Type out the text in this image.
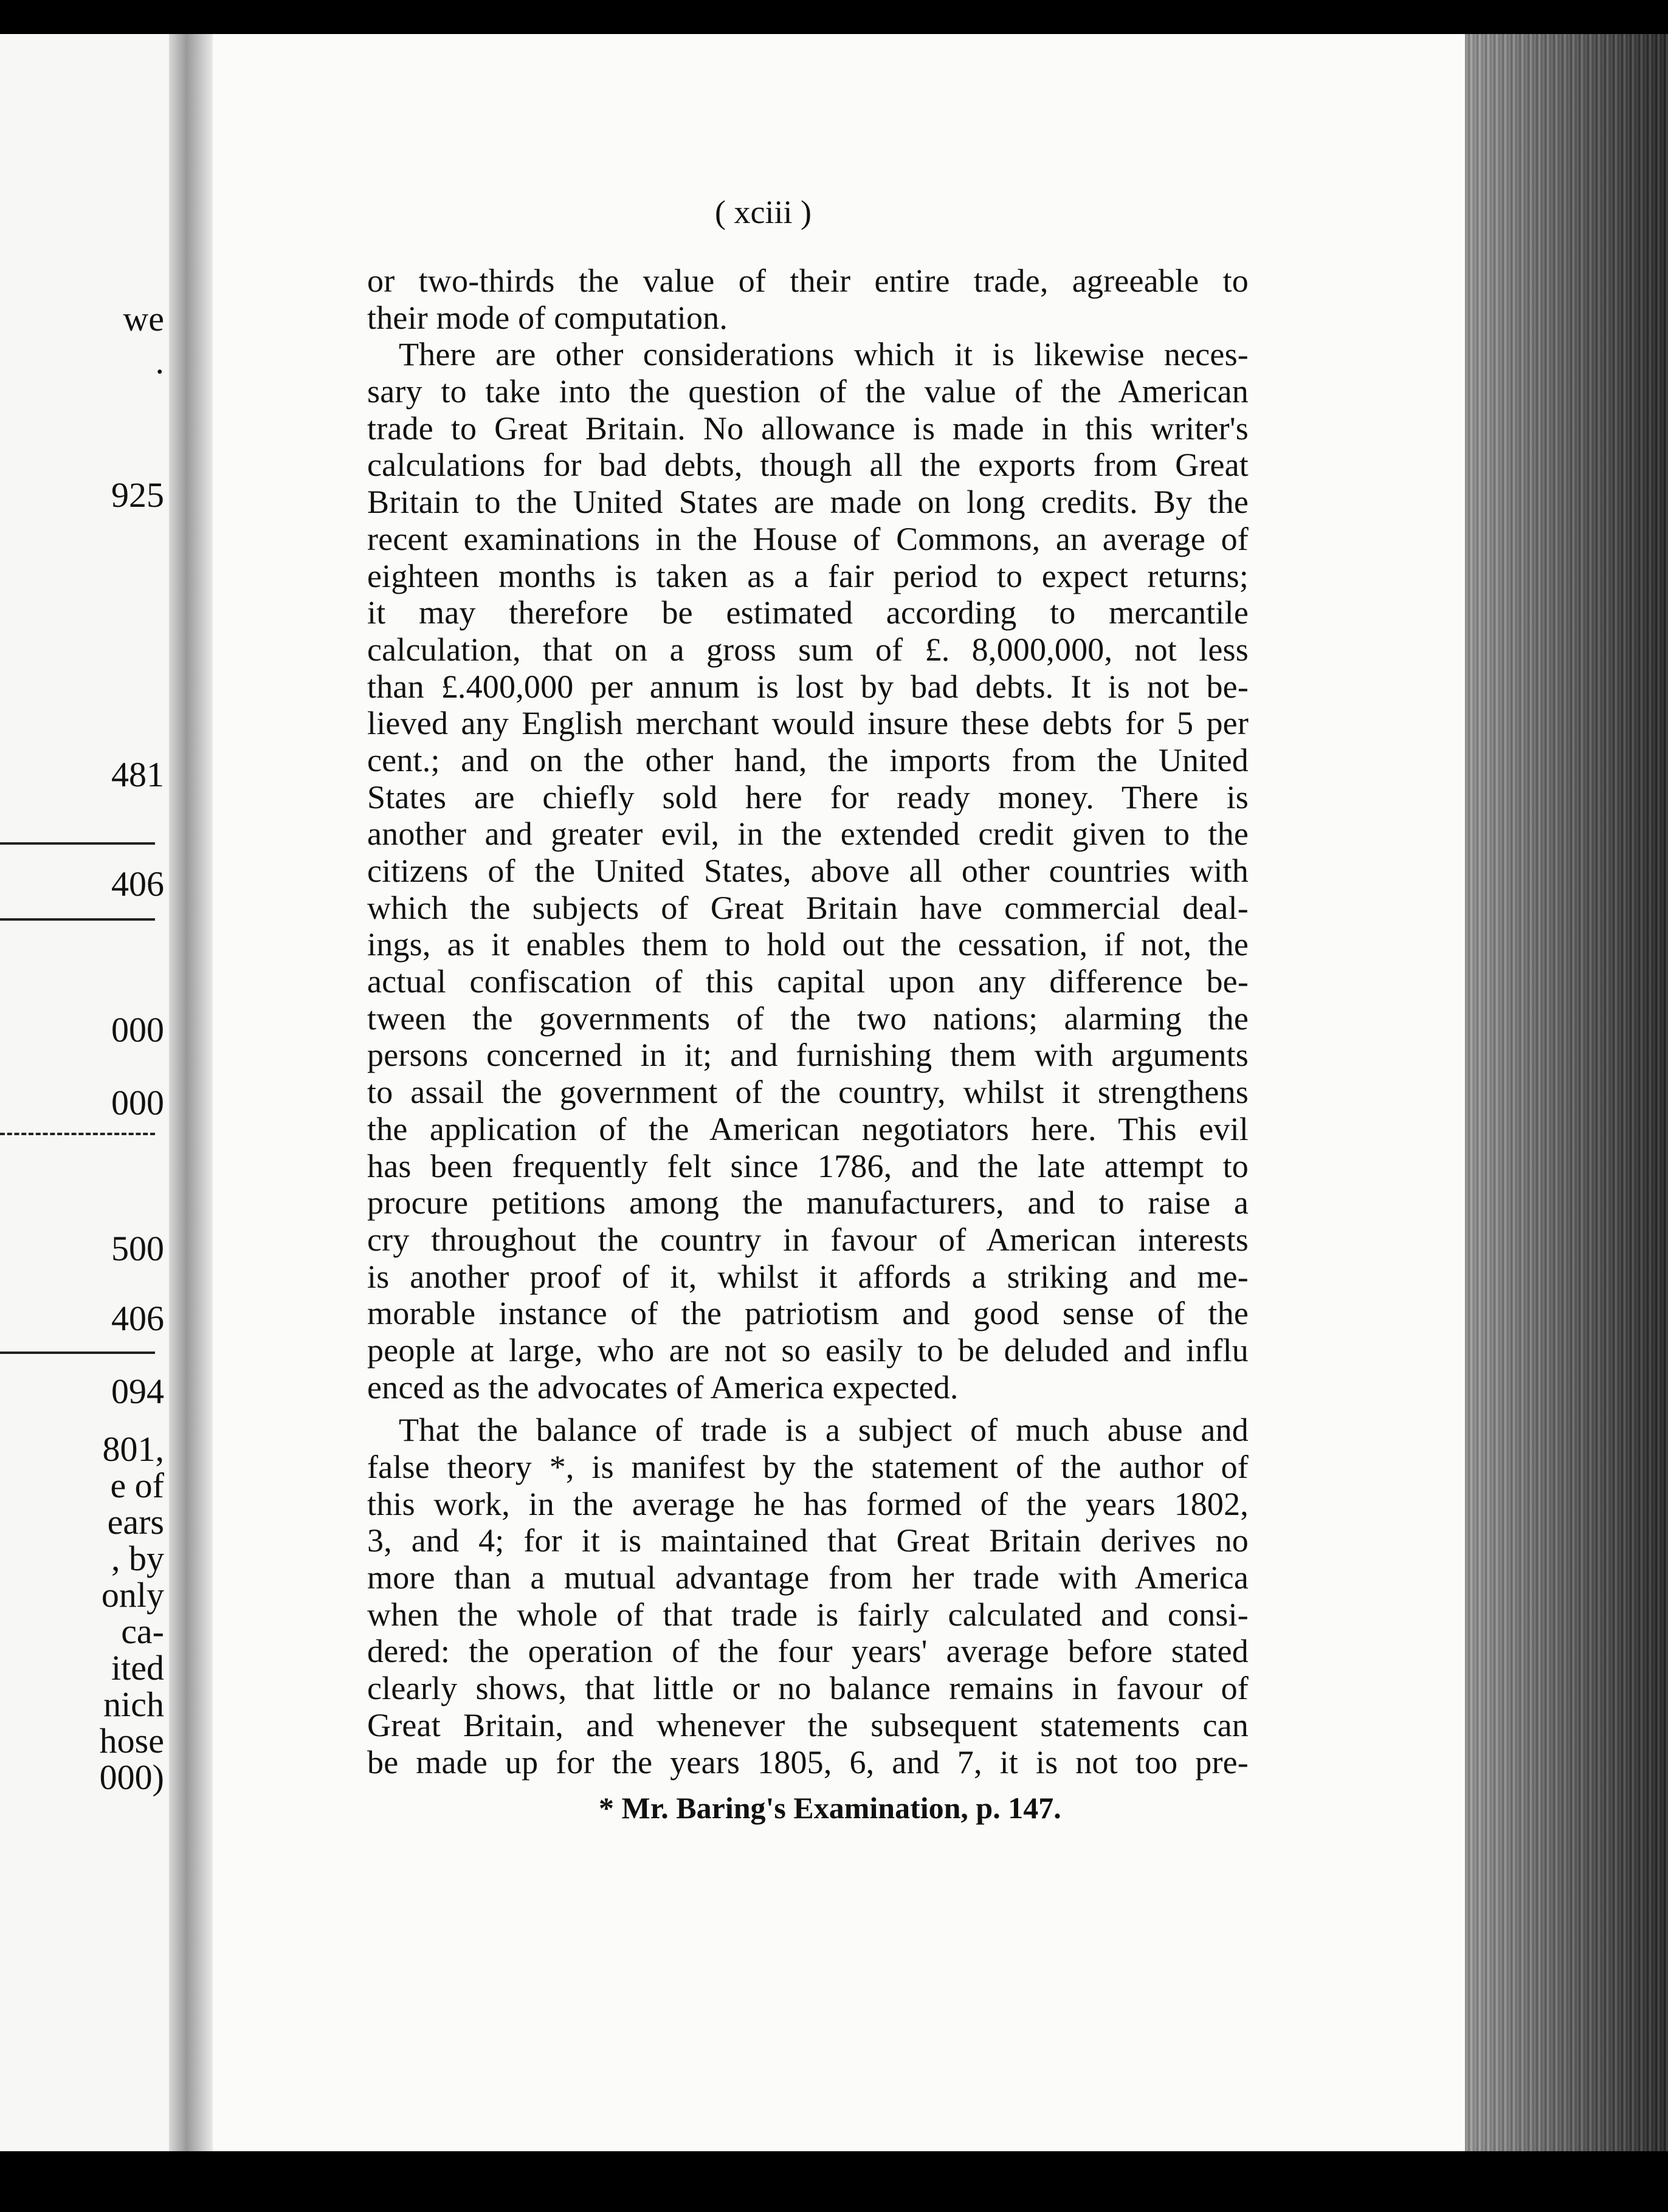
we
.
925
481
406
000
000
500
406
094
801,
e of
ears
, by
only
ca-
ited
nich
hose
000)
( xciii )
or two-thirds the value of their entire trade, agreeable to
their mode of computation.
There are other considerations which it is likewise neces-
sary to take into the question of the value of the American
trade to Great Britain. No allowance is made in this writer's
calculations for bad debts, though all the exports from Great
Britain to the United States are made on long credits. By the
recent examinations in the House of Commons, an average of
eighteen months is taken as a fair period to expect returns;
it may therefore be estimated according to mercantile
calculation, that on a gross sum of £. 8,000,000, not less
than £.400,000 per annum is lost by bad debts. It is not be-
lieved any English merchant would insure these debts for 5 per
cent.; and on the other hand, the imports from the United
States are chiefly sold here for ready money. There is
another and greater evil, in the extended credit given to the
citizens of the United States, above all other countries with
which the subjects of Great Britain have commercial deal-
ings, as it enables them to hold out the cessation, if not, the
actual confiscation of this capital upon any difference be-
tween the governments of the two nations; alarming the
persons concerned in it; and furnishing them with arguments
to assail the government of the country, whilst it strengthens
the application of the American negotiators here. This evil
has been frequently felt since 1786, and the late attempt to
procure petitions among the manufacturers, and to raise a
cry throughout the country in favour of American interests
is another proof of it, whilst it affords a striking and me-
morable instance of the patriotism and good sense of the
people at large, who are not so easily to be deluded and influ
enced as the advocates of America expected.
That the balance of trade is a subject of much abuse and
false theory *, is manifest by the statement of the author of
this work, in the average he has formed of the years 1802,
3, and 4; for it is maintained that Great Britain derives no
more than a mutual advantage from her trade with America
when the whole of that trade is fairly calculated and consi-
dered: the operation of the four years' average before stated
clearly shows, that little or no balance remains in favour of
Great Britain, and whenever the subsequent statements can
be made up for the years 1805, 6, and 7, it is not too pre-
* Mr. Baring's Examination, p. 147.
